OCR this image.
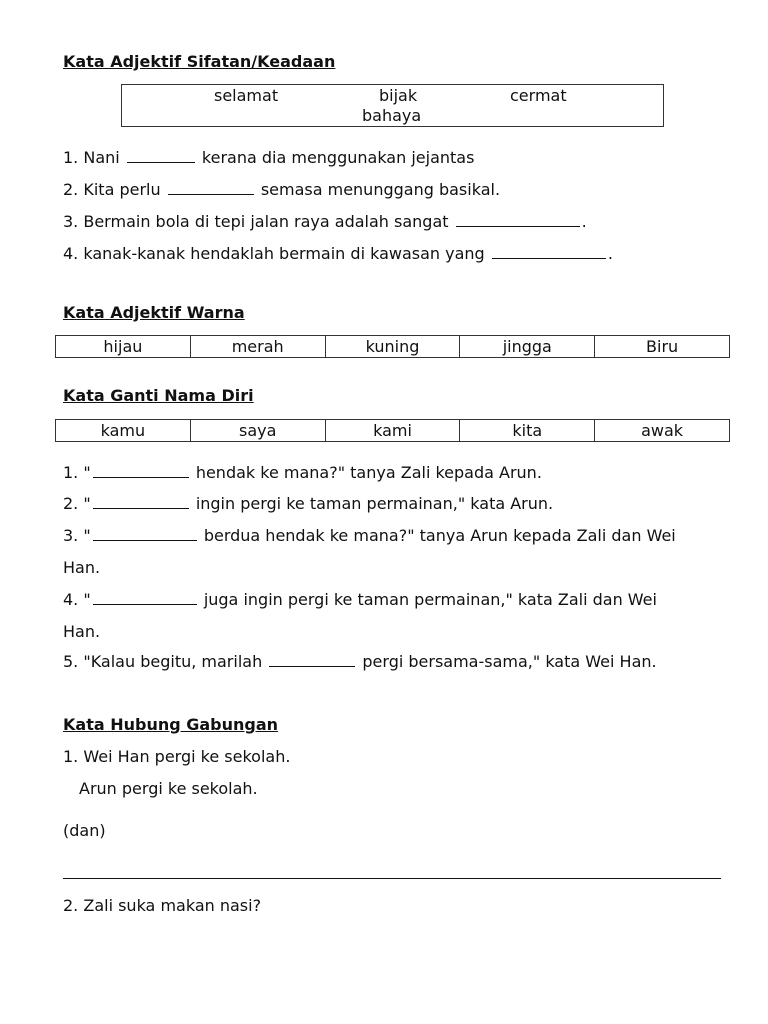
Kata Adjektif Sifatan/Keadaan
selamat	bijak	cermat
bahaya
1. Nani	kerana dia menggunakan jejantas
2. Kita perlu	semasa menunggang basikal.
3. Bermain bola di tepi jalan raya adalah sangat	.
4. kanak-kanak hendaklah bermain di kawasan yang	.
Kata Adjektif Warna
hijau	merah	kuning	jingga	Biru
Kata Ganti Nama Diri
kamu	saya	kami	kita	awak
1. "	hendak ke mana?" tanya Zali kepada Arun.
2. "	ingin pergi ke taman permainan," kata Arun.
3. "	berdua hendak ke mana?" tanya Arun kepada Zali dan Wei
Han.
4. "	juga ingin pergi ke taman permainan," kata Zali dan Wei
Han.
5. "Kalau begitu, marilah	pergi bersama-sama," kata Wei Han.
Kata Hubung Gabungan
1. Wei Han pergi ke sekolah.
Arun pergi ke sekolah.
(dan)
2. Zali suka makan nasi?
